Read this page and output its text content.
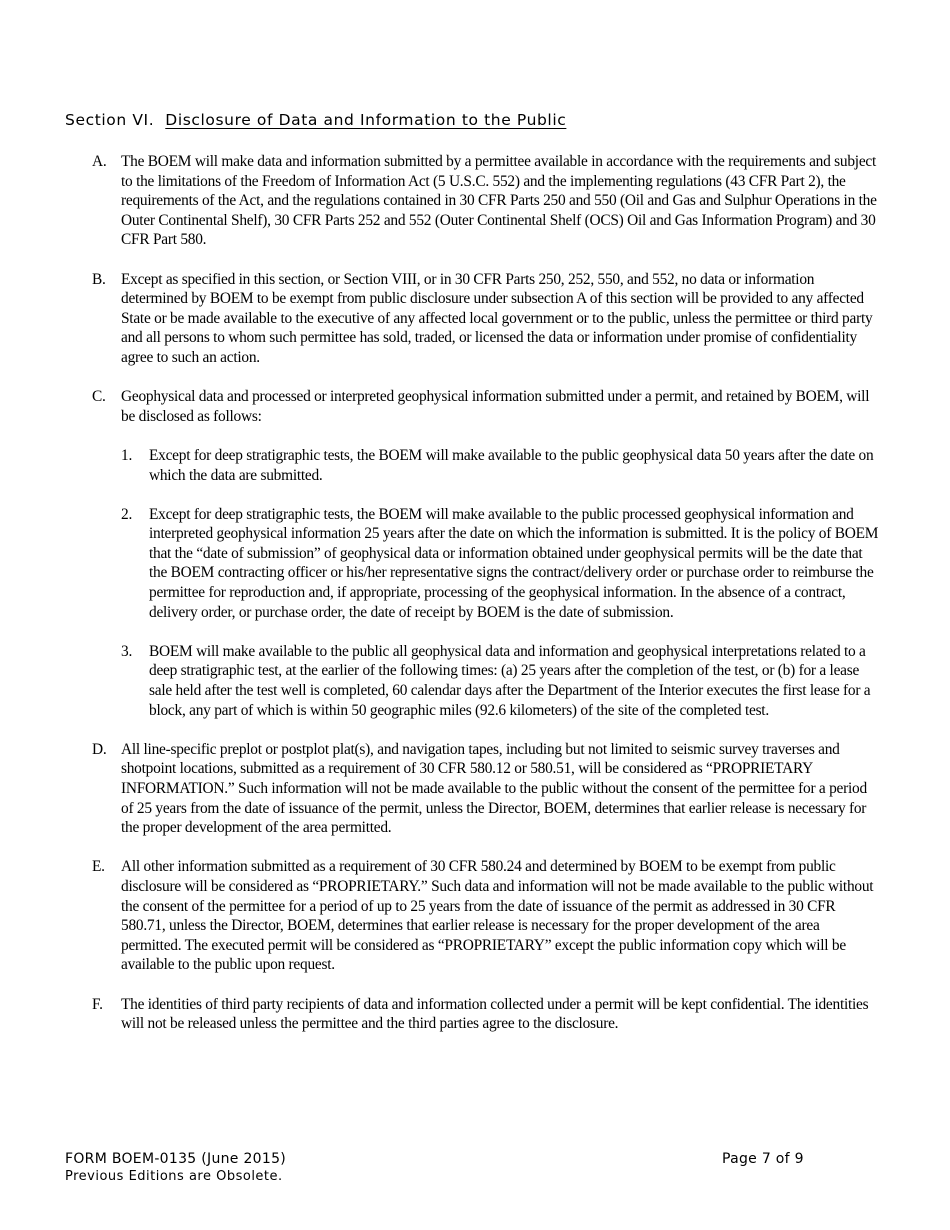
Section VI. Disclosure of Data and Information to the Public
A. The BOEM will make data and information submitted by a permittee available in accordance with the requirements and subject to the limitations of the Freedom of Information Act (5 U.S.C. 552) and the implementing regulations (43 CFR Part 2), the requirements of the Act, and the regulations contained in 30 CFR Parts 250 and 550 (Oil and Gas and Sulphur Operations in the Outer Continental Shelf), 30 CFR Parts 252 and 552 (Outer Continental Shelf (OCS) Oil and Gas Information Program) and 30 CFR Part 580.
B. Except as specified in this section, or Section VIII, or in 30 CFR Parts 250, 252, 550, and 552, no data or information determined by BOEM to be exempt from public disclosure under subsection A of this section will be provided to any affected State or be made available to the executive of any affected local government or to the public, unless the permittee or third party and all persons to whom such permittee has sold, traded, or licensed the data or information under promise of confidentiality agree to such an action.
C. Geophysical data and processed or interpreted geophysical information submitted under a permit, and retained by BOEM, will be disclosed as follows:
1. Except for deep stratigraphic tests, the BOEM will make available to the public geophysical data 50 years after the date on which the data are submitted.
2. Except for deep stratigraphic tests, the BOEM will make available to the public processed geophysical information and interpreted geophysical information 25 years after the date on which the information is submitted. It is the policy of BOEM that the “date of submission” of geophysical data or information obtained under geophysical permits will be the date that the BOEM contracting officer or his/her representative signs the contract/delivery order or purchase order to reimburse the permittee for reproduction and, if appropriate, processing of the geophysical information. In the absence of a contract, delivery order, or purchase order, the date of receipt by BOEM is the date of submission.
3. BOEM will make available to the public all geophysical data and information and geophysical interpretations related to a deep stratigraphic test, at the earlier of the following times: (a) 25 years after the completion of the test, or (b) for a lease sale held after the test well is completed, 60 calendar days after the Department of the Interior executes the first lease for a block, any part of which is within 50 geographic miles (92.6 kilometers) of the site of the completed test.
D. All line-specific preplot or postplot plat(s), and navigation tapes, including but not limited to seismic survey traverses and shotpoint locations, submitted as a requirement of 30 CFR 580.12 or 580.51, will be considered as “PROPRIETARY INFORMATION.” Such information will not be made available to the public without the consent of the permittee for a period of 25 years from the date of issuance of the permit, unless the Director, BOEM, determines that earlier release is necessary for the proper development of the area permitted.
E. All other information submitted as a requirement of 30 CFR 580.24 and determined by BOEM to be exempt from public disclosure will be considered as “PROPRIETARY.” Such data and information will not be made available to the public without the consent of the permittee for a period of up to 25 years from the date of issuance of the permit as addressed in 30 CFR 580.71, unless the Director, BOEM, determines that earlier release is necessary for the proper development of the area permitted. The executed permit will be considered as “PROPRIETARY” except the public information copy which will be available to the public upon request.
F. The identities of third party recipients of data and information collected under a permit will be kept confidential. The identities will not be released unless the permittee and the third parties agree to the disclosure.
FORM BOEM-0135 (June 2015)
Previous Editions are Obsolete.
Page 7 of 9
